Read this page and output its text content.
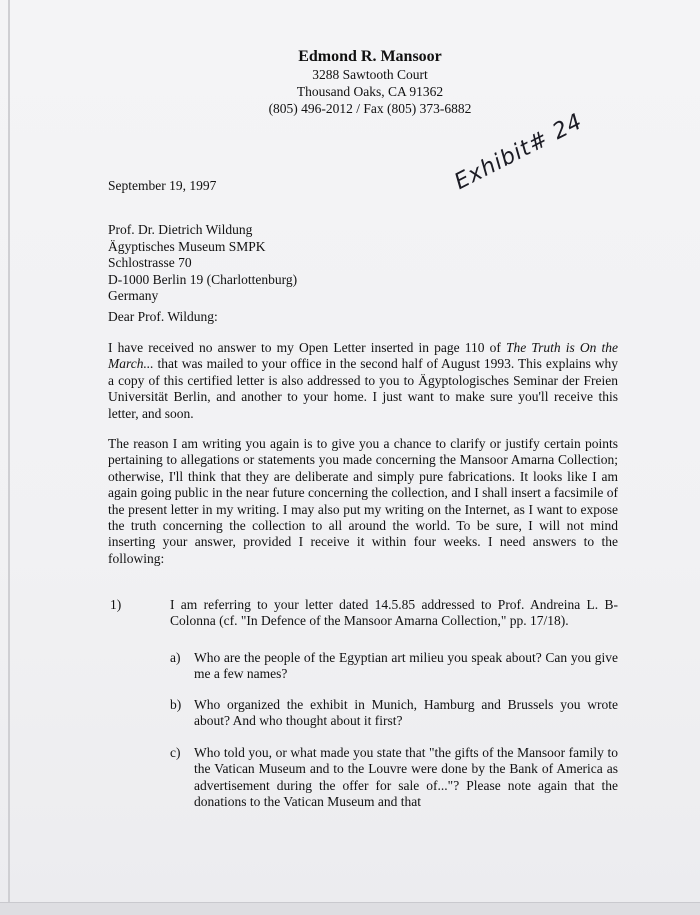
Edmond R. Mansoor
3288 Sawtooth Court
Thousand Oaks, CA 91362
(805) 496-2012 / Fax (805) 373-6882
Exhibit# 24
September 19, 1997
Prof. Dr. Dietrich Wildung
Ägyptisches Museum SMPK
Schlostrasse 70
D-1000 Berlin 19 (Charlottenburg)
Germany
Dear Prof. Wildung:
I have received no answer to my Open Letter inserted in page 110 of The Truth is On the March... that was mailed to your office in the second half of August 1993. This explains why a copy of this certified letter is also addressed to you to Ägyptologisches Seminar der Freien Universität Berlin, and another to your home. I just want to make sure you'll receive this letter, and soon.
The reason I am writing you again is to give you a chance to clarify or justify certain points pertaining to allegations or statements you made concerning the Mansoor Amarna Collection; otherwise, I'll think that they are deliberate and simply pure fabrications. It looks like I am again going public in the near future concerning the collection, and I shall insert a facsimile of the present letter in my writing. I may also put my writing on the Internet, as I want to expose the truth concerning the collection to all around the world. To be sure, I will not mind inserting your answer, provided I receive it within four weeks. I need answers to the following:
1)	I am referring to your letter dated 14.5.85 addressed to Prof. Andreina L. B-Colonna (cf. "In Defence of the Mansoor Amarna Collection," pp. 17/18).
a) Who are the people of the Egyptian art milieu you speak about? Can you give me a few names?
b) Who organized the exhibit in Munich, Hamburg and Brussels you wrote about? And who thought about it first?
c) Who told you, or what made you state that "the gifts of the Mansoor family to the Vatican Museum and to the Louvre were done by the Bank of America as advertisement during the offer for sale of..."? Please note again that the donations to the Vatican Museum and that
